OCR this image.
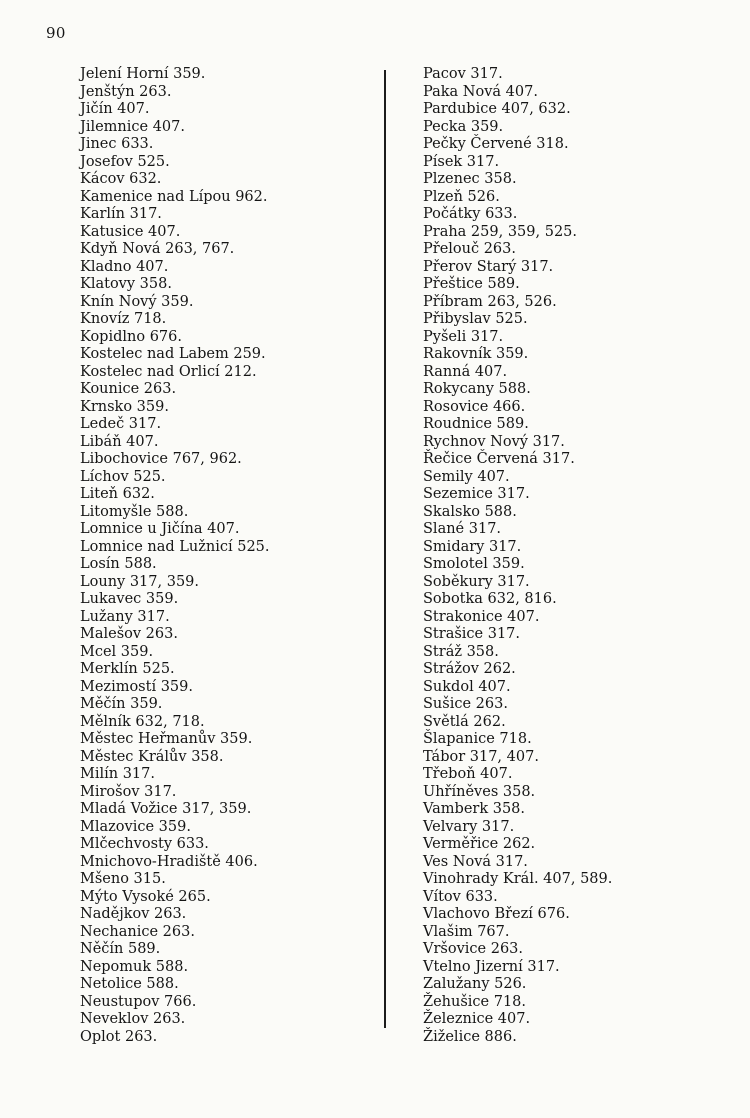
90
Jelení Horní 359.
Jenštýn 263.
Jičín 407.
Jilemnice 407.
Jinec 633.
Josefov 525.
Kácov 632.
Kamenice nad Lípou 962.
Karlín 317.
Katusice 407.
Kdyň Nová 263, 767.
Kladno 407.
Klatovy 358.
Knín Nový 359.
Knovíz 718.
Kopidlno 676.
Kostelec nad Labem 259.
Kostelec nad Orlicí 212.
Kounice 263.
Krnsko 359.
Ledeč 317.
Libáň 407.
Libochovice 767, 962.
Líchov 525.
Liteň 632.
Litomyšle 588.
Lomnice u Jičína 407.
Lomnice nad Lužnicí 525.
Losín 588.
Louny 317, 359.
Lukavec 359.
Lužany 317.
Malešov 263.
Mcel 359.
Merklín 525.
Mezimostí 359.
Měčín 359.
Mělník 632, 718.
Městec Heřmanův 359.
Městec Králův 358.
Milín 317.
Mirošov 317.
Mladá Vožice 317, 359.
Mlazovice 359.
Mlčechvosty 633.
Mnichovo-Hradiště 406.
Mšeno 315.
Mýto Vysoké 265.
Nadějkov 263.
Nechanice 263.
Něčín 589.
Nepomuk 588.
Netolice 588.
Neustupov 766.
Neveklov 263.
Oplot 263.
Pacov 317.
Paka Nová 407.
Pardubice 407, 632.
Pecka 359.
Pečky Červené 318.
Písek 317.
Plzenec 358.
Plzeň 526.
Počátky 633.
Praha 259, 359, 525.
Přelouč 263.
Přerov Starý 317.
Přeštice 589.
Příbram 263, 526.
Přibyslav 525.
Pyšeli 317.
Rakovník 359.
Ranná 407.
Rokycany 588.
Rosovice 466.
Roudnice 589.
Rychnov Nový 317.
Řečice Červená 317.
Semily 407.
Sezemice 317.
Skalsko 588.
Slané 317.
Smidary 317.
Smolotel 359.
Soběkury 317.
Sobotka 632, 816.
Strakonice 407.
Strašice 317.
Stráž 358.
Strážov 262.
Sukdol 407.
Sušice 263.
Světlá 262.
Šlapanice 718.
Tábor 317, 407.
Třeboň 407.
Uhříněves 358.
Vamberk 358.
Velvary 317.
Verměřice 262.
Ves Nová 317.
Vinohrady Král. 407, 589.
Vítov 633.
Vlachovo Březí 676.
Vlašim 767.
Vršovice 263.
Vtelno Jizerní 317.
Zalužany 526.
Žehušice 718.
Železnice 407.
Žiželice 886.
